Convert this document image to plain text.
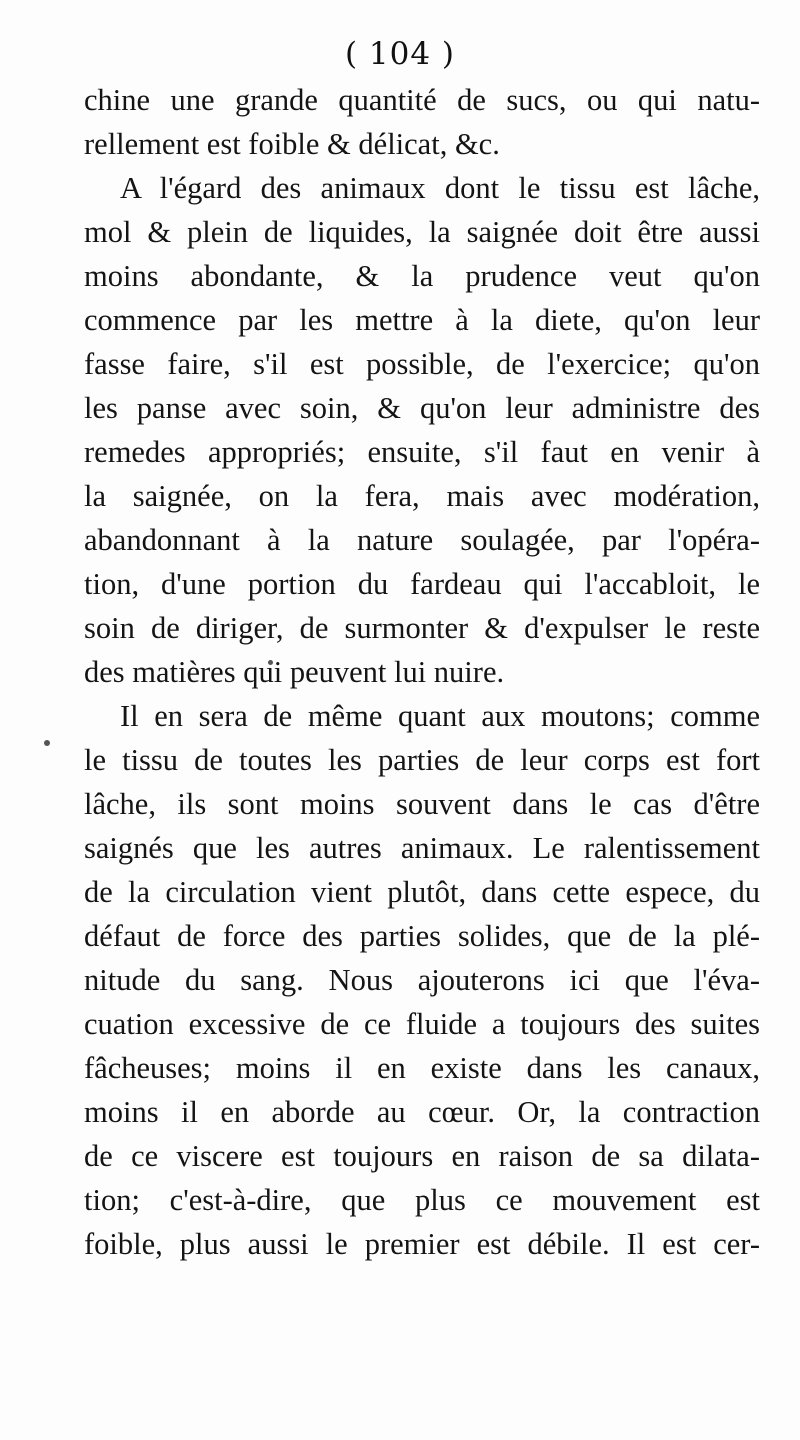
( 104 )
chine une grande quantité de sucs, ou qui natu-
rellement est foible & délicat, &c.
A l'égard des animaux dont le tissu est lâche,
mol & plein de liquides, la saignée doit être aussi
moins abondante, & la prudence veut qu'on
commence par les mettre à la diete, qu'on leur
fasse faire, s'il est possible, de l'exercice; qu'on
les panse avec soin, & qu'on leur administre des
remedes appropriés; ensuite, s'il faut en venir à
la saignée, on la fera, mais avec modération,
abandonnant à la nature soulagée, par l'opéra-
tion, d'une portion du fardeau qui l'accabloit, le
soin de diriger, de surmonter & d'expulser le reste
des matières qui peuvent lui nuire.
Il en sera de même quant aux moutons; comme
le tissu de toutes les parties de leur corps est fort
lâche, ils sont moins souvent dans le cas d'être
saignés que les autres animaux. Le ralentissement
de la circulation vient plutôt, dans cette espece, du
défaut de force des parties solides, que de la plé-
nitude du sang. Nous ajouterons ici que l'éva-
cuation excessive de ce fluide a toujours des suites
fâcheuses; moins il en existe dans les canaux,
moins il en aborde au cœur. Or, la contraction
de ce viscere est toujours en raison de sa dilata-
tion; c'est-à-dire, que plus ce mouvement est
foible, plus aussi le premier est débile. Il est cer-
